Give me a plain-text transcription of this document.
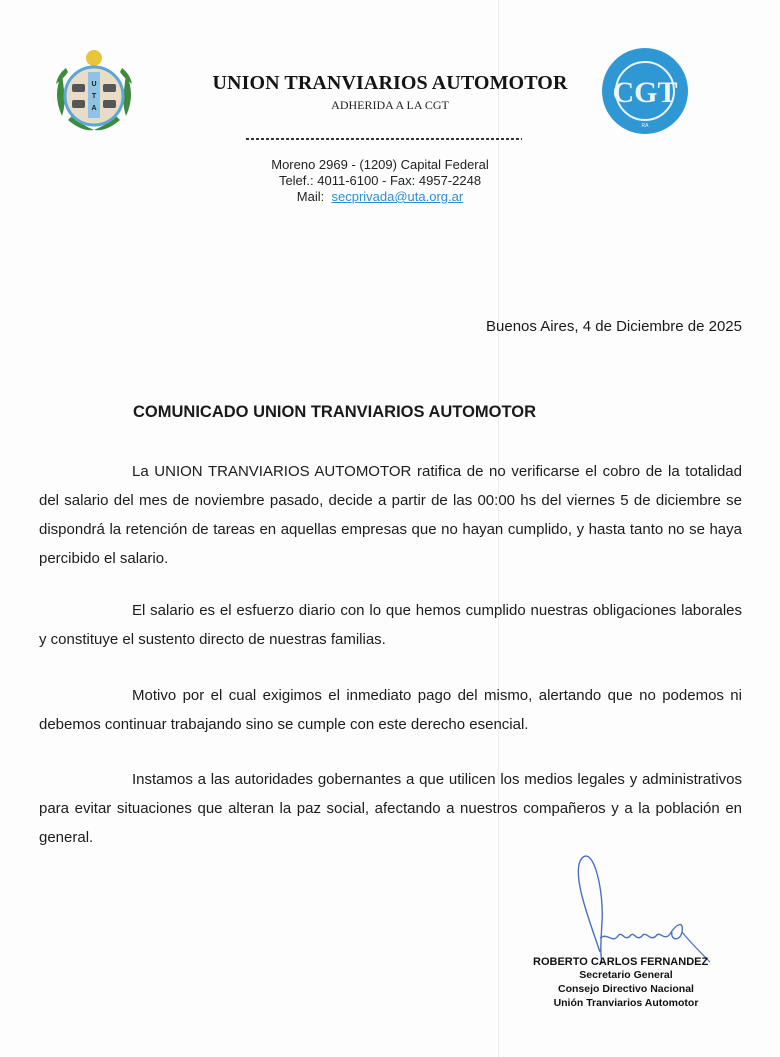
U
T
A	CGT
RA
UNION TRANVIARIOS AUTOMOTOR
ADHERIDA A LA CGT
Moreno 2969 - (1209) Capital Federal
Telef.: 4011-6100 - Fax: 4957-2248
Mail: secprivada@uta.org.ar
Buenos Aires, 4 de Diciembre de 2025
COMUNICADO UNION TRANVIARIOS AUTOMOTOR
La UNION TRANVIARIOS AUTOMOTOR ratifica de no verificarse el cobro de la totalidad del salario del mes de noviembre pasado, decide a partir de las 00:00 hs del viernes 5 de diciembre se dispondrá la retención de tareas en aquellas empresas que no hayan cumplido, y hasta tanto no se haya percibido el salario.
El salario es el esfuerzo diario con lo que hemos cumplido nuestras obligaciones laborales y constituye el sustento directo de nuestras familias.
Motivo por el cual exigimos el inmediato pago del mismo, alertando que no podemos ni debemos continuar trabajando sino se cumple con este derecho esencial.
Instamos a las autoridades gobernantes a que utilicen los medios legales y administrativos para evitar situaciones que alteran la paz social, afectando a nuestros compañeros y a la población en general.
ROBERTO CARLOS FERNANDEZ
Secretario General
Consejo Directivo Nacional
Unión Tranviarios Automotor
